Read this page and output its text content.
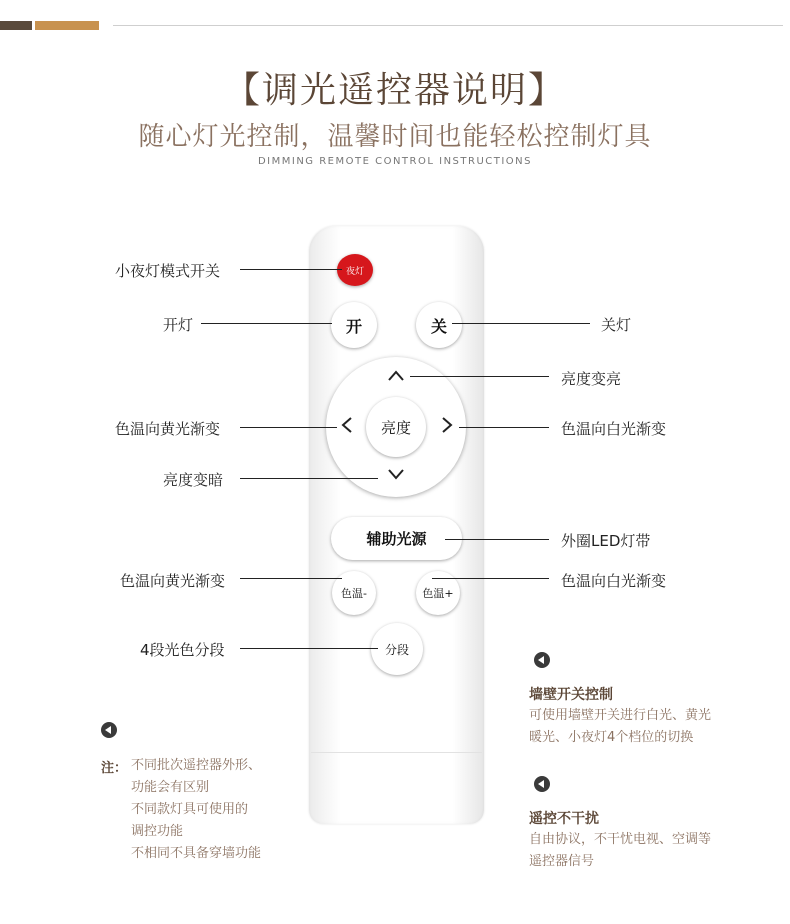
【调光遥控器说明】
随心灯光控制，温馨时间也能轻松控制灯具
DIMMING REMOTE CONTROL INSTRUCTIONS
夜灯
开	关
亮度
辅助光源
色温-	色温+
分段
小夜灯模式开关
开灯	关灯
亮度变亮
色温向黄光渐变	色温向白光渐变
亮度变暗
外圈LED灯带
色温向黄光渐变	色温向白光渐变
4段光色分段
墙壁开关控制
可使用墙壁开关进行白光、黄光
暖光、小夜灯4个档位的切换
遥控不干扰
自由协议，不干忧电视、空调等
遥控器信号
注： 不同批次遥控器外形、
功能会有区别
不同款灯具可使用的
调控功能
不相同不具备穿墙功能
